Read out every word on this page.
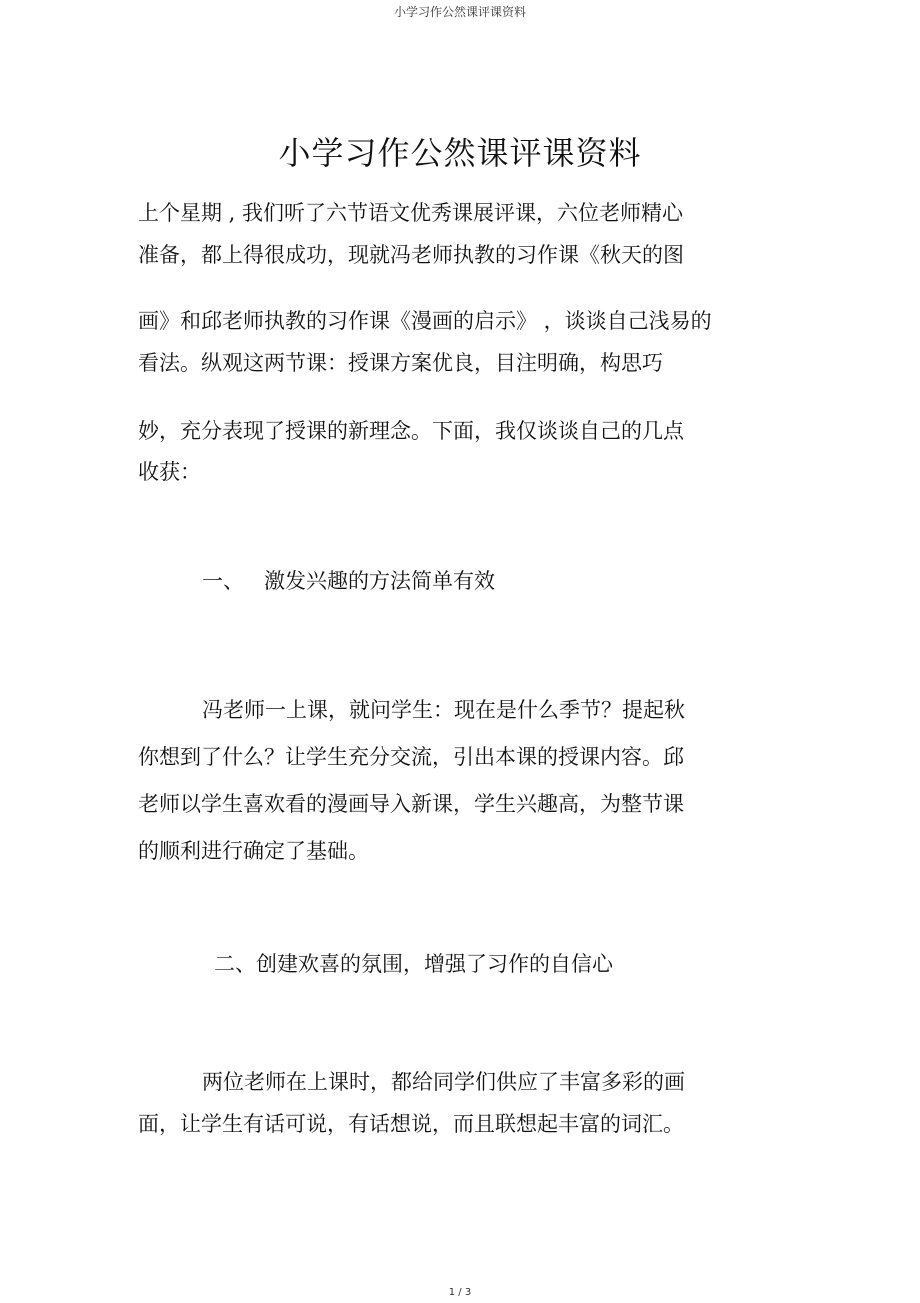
小学习作公然课评课资料
小学习作公然课评课资料
上个星期 , 我们听了六节语文优秀课展评课，六位老师精心
准备，都上得很成功，现就冯老师执教的习作课《秋天的图
画》和邱老师执教的习作课《漫画的启示》 ，谈谈自己浅易的
看法。纵观这两节课：授课方案优良，目注明确，构思巧
妙，充分表现了授课的新理念。下面，我仅谈谈自己的几点
收获：
一、   激发兴趣的方法简单有效
冯老师一上课，就问学生：现在是什么季节？提起秋
你想到了什么？让学生充分交流，引出本课的授课内容。邱
老师以学生喜欢看的漫画导入新课，学生兴趣高，为整节课
的顺利进行确定了基础。
二、创建欢喜的氛围，增强了习作的自信心
两位老师在上课时，都给同学们供应了丰富多彩的画
面，让学生有话可说，有话想说，而且联想起丰富的词汇。
1 / 3
